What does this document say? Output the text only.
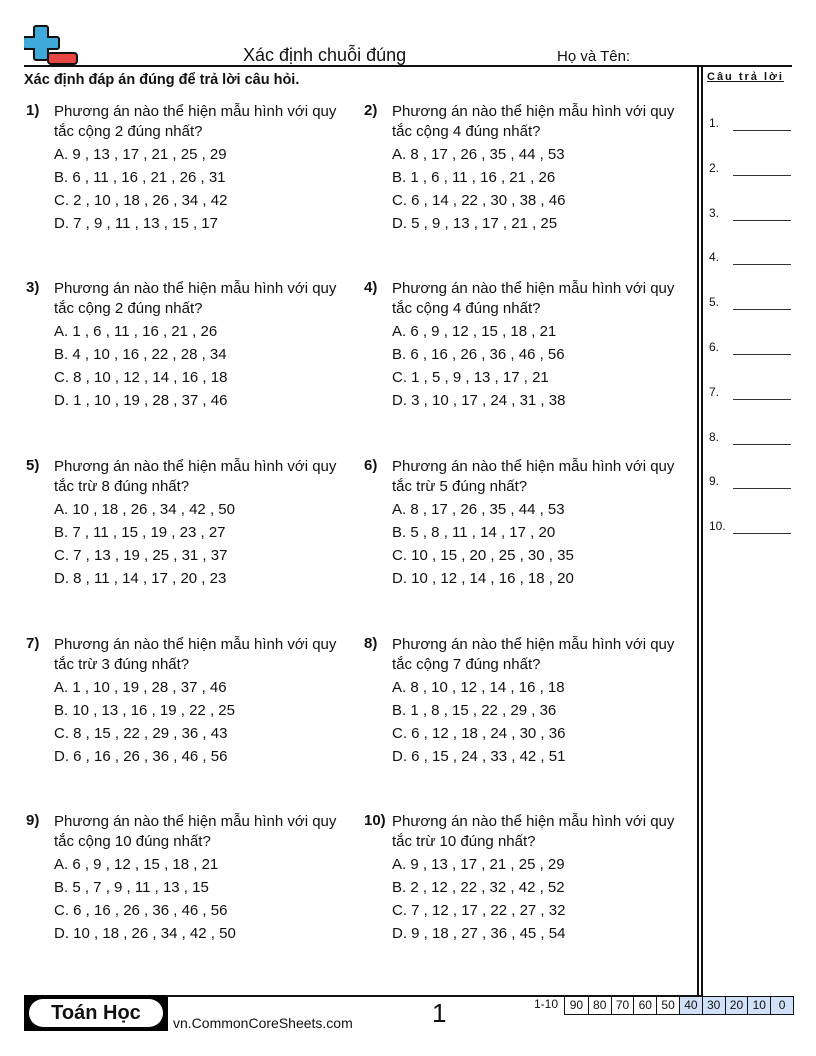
Xác định chuỗi đúng	Họ và Tên:
Xác định đáp án đúng để trả lời câu hỏi.	Câu trả lời
1.
2.
3.
4.
5.
6.
7.
8.
9.
10.
1) Phương án nào thể hiện mẫu hình với quy tắc cộng 2 đúng nhất?
A. 9 , 13 , 17 , 21 , 25 , 29
B. 6 , 11 , 16 , 21 , 26 , 31
C. 2 , 10 , 18 , 26 , 34 , 42
D. 7 , 9 , 11 , 13 , 15 , 17
2) Phương án nào thể hiện mẫu hình với quy tắc cộng 4 đúng nhất?
A. 8 , 17 , 26 , 35 , 44 , 53
B. 1 , 6 , 11 , 16 , 21 , 26
C. 6 , 14 , 22 , 30 , 38 , 46
D. 5 , 9 , 13 , 17 , 21 , 25
3) Phương án nào thể hiện mẫu hình với quy tắc cộng 2 đúng nhất?
A. 1 , 6 , 11 , 16 , 21 , 26
B. 4 , 10 , 16 , 22 , 28 , 34
C. 8 , 10 , 12 , 14 , 16 , 18
D. 1 , 10 , 19 , 28 , 37 , 46
4) Phương án nào thể hiện mẫu hình với quy tắc cộng 4 đúng nhất?
A. 6 , 9 , 12 , 15 , 18 , 21
B. 6 , 16 , 26 , 36 , 46 , 56
C. 1 , 5 , 9 , 13 , 17 , 21
D. 3 , 10 , 17 , 24 , 31 , 38
5) Phương án nào thể hiện mẫu hình với quy tắc trừ 8 đúng nhất?
A. 10 , 18 , 26 , 34 , 42 , 50
B. 7 , 11 , 15 , 19 , 23 , 27
C. 7 , 13 , 19 , 25 , 31 , 37
D. 8 , 11 , 14 , 17 , 20 , 23
6) Phương án nào thể hiện mẫu hình với quy tắc trừ 5 đúng nhất?
A. 8 , 17 , 26 , 35 , 44 , 53
B. 5 , 8 , 11 , 14 , 17 , 20
C. 10 , 15 , 20 , 25 , 30 , 35
D. 10 , 12 , 14 , 16 , 18 , 20
7) Phương án nào thể hiện mẫu hình với quy tắc trừ 3 đúng nhất?
A. 1 , 10 , 19 , 28 , 37 , 46
B. 10 , 13 , 16 , 19 , 22 , 25
C. 8 , 15 , 22 , 29 , 36 , 43
D. 6 , 16 , 26 , 36 , 46 , 56
8) Phương án nào thể hiện mẫu hình với quy tắc cộng 7 đúng nhất?
A. 8 , 10 , 12 , 14 , 16 , 18
B. 1 , 8 , 15 , 22 , 29 , 36
C. 6 , 12 , 18 , 24 , 30 , 36
D. 6 , 15 , 24 , 33 , 42 , 51
9) Phương án nào thể hiện mẫu hình với quy tắc cộng 10 đúng nhất?
A. 6 , 9 , 12 , 15 , 18 , 21
B. 5 , 7 , 9 , 11 , 13 , 15
C. 6 , 16 , 26 , 36 , 46 , 56
D. 10 , 18 , 26 , 34 , 42 , 50
10) Phương án nào thể hiện mẫu hình với quy tắc trừ 10 đúng nhất?
A. 9 , 13 , 17 , 21 , 25 , 29
B. 2 , 12 , 22 , 32 , 42 , 52
C. 7 , 12 , 17 , 22 , 27 , 32
D. 9 , 18 , 27 , 36 , 45 , 54
Toán Học	vn.CommonCoreSheets.com	1	1-10 90 80 70 60 50 40 30 20 10	0
